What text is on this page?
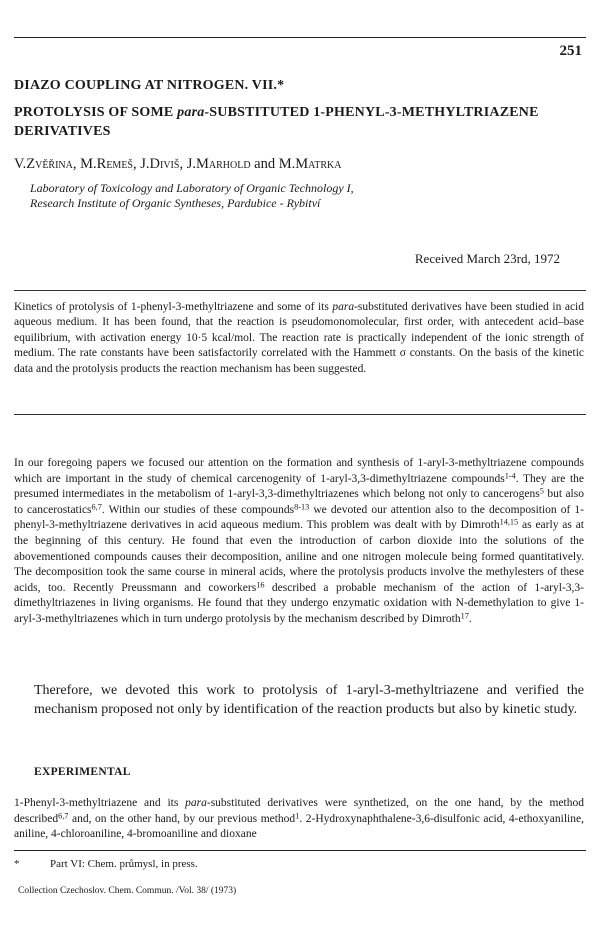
251
DIAZO COUPLING AT NITROGEN. VII.*
PROTOLYSIS OF SOME para-SUBSTITUTED 1-PHENYL-3-METHYLTRIAZENE DERIVATIVES
V.Zvěřina, M.Remeš, J.Diviš, J.Marhold and M.Matrka
Laboratory of Toxicology and Laboratory of Organic Technology I,
Research Institute of Organic Syntheses, Pardubice - Rybitví
Received March 23rd, 1972

Kinetics of protolysis of 1-phenyl-3-methyltriazene and some of its para-substituted derivatives have been studied in acid aqueous medium. It has been found, that the reaction is pseudomonomolecular, first order, with antecedent acid–base equilibrium, with activation energy 10·5 kcal/mol. The reaction rate is practically independent of the ionic strength of medium. The rate constants have been satisfactorily correlated with the Hammett σ constants. On the basis of the kinetic data and the protolysis products the reaction mechanism has been suggested.

In our foregoing papers we focused our attention on the formation and synthesis of 1-aryl-3-methyltriazene compounds which are important in the study of chemical carcenogenity of 1-aryl-3,3-dimethyltriazene compounds$^{1-4}$. They are the presumed intermediates in the metabolism of 1-aryl-3,3-dimethyltriazenes which belong not only to cancerogens$^5$ but also to cancerostatics$^{6,7}$. Within our studies of these compounds$^{8-13}$ we devoted our attention also to the decomposition of 1-phenyl-3-methyltriazene derivatives in acid aqueous medium. This problem was dealt with by Dimroth$^{14,15}$ as early as at the beginning of this century. He found that even the introduction of carbon dioxide into the solutions of the abovementioned compounds causes their decomposition, aniline and one nitrogen molecule being formed quantitatively. The decomposition took the same course in mineral acids, where the protolysis products involve the methylesters of these acids, too. Recently Preussmann and coworkers$^{16}$ described a probable mechanism of the action of 1-aryl-3,3-dimethyltriazenes in living organisms. He found that they undergo enzymatic oxidation with N-demethylation to give 1-aryl-3-methyltriazenes which in turn undergo protolysis by the mechanism described by Dimroth$^{17}$.

Therefore, we devoted this work to protolysis of 1-aryl-3-methyltriazene and verified the mechanism proposed not only by identification of the reaction products but also by kinetic study.
EXPERIMENTAL

1-Phenyl-3-methyltriazene and its para-substituted derivatives were synthetized, on the one hand, by the method described$^{6,7}$ and, on the other hand, by our previous method$^1$. 2-Hydroxynaphthalene-3,6-disulfonic acid, 4-ethoxyaniline, aniline, 4-chloroaniline, 4-bromoaniline and dioxane

*	Part VI: Chem. průmysl, in press.
Collection Czechoslov. Chem. Commun. /Vol. 38/ (1973)
